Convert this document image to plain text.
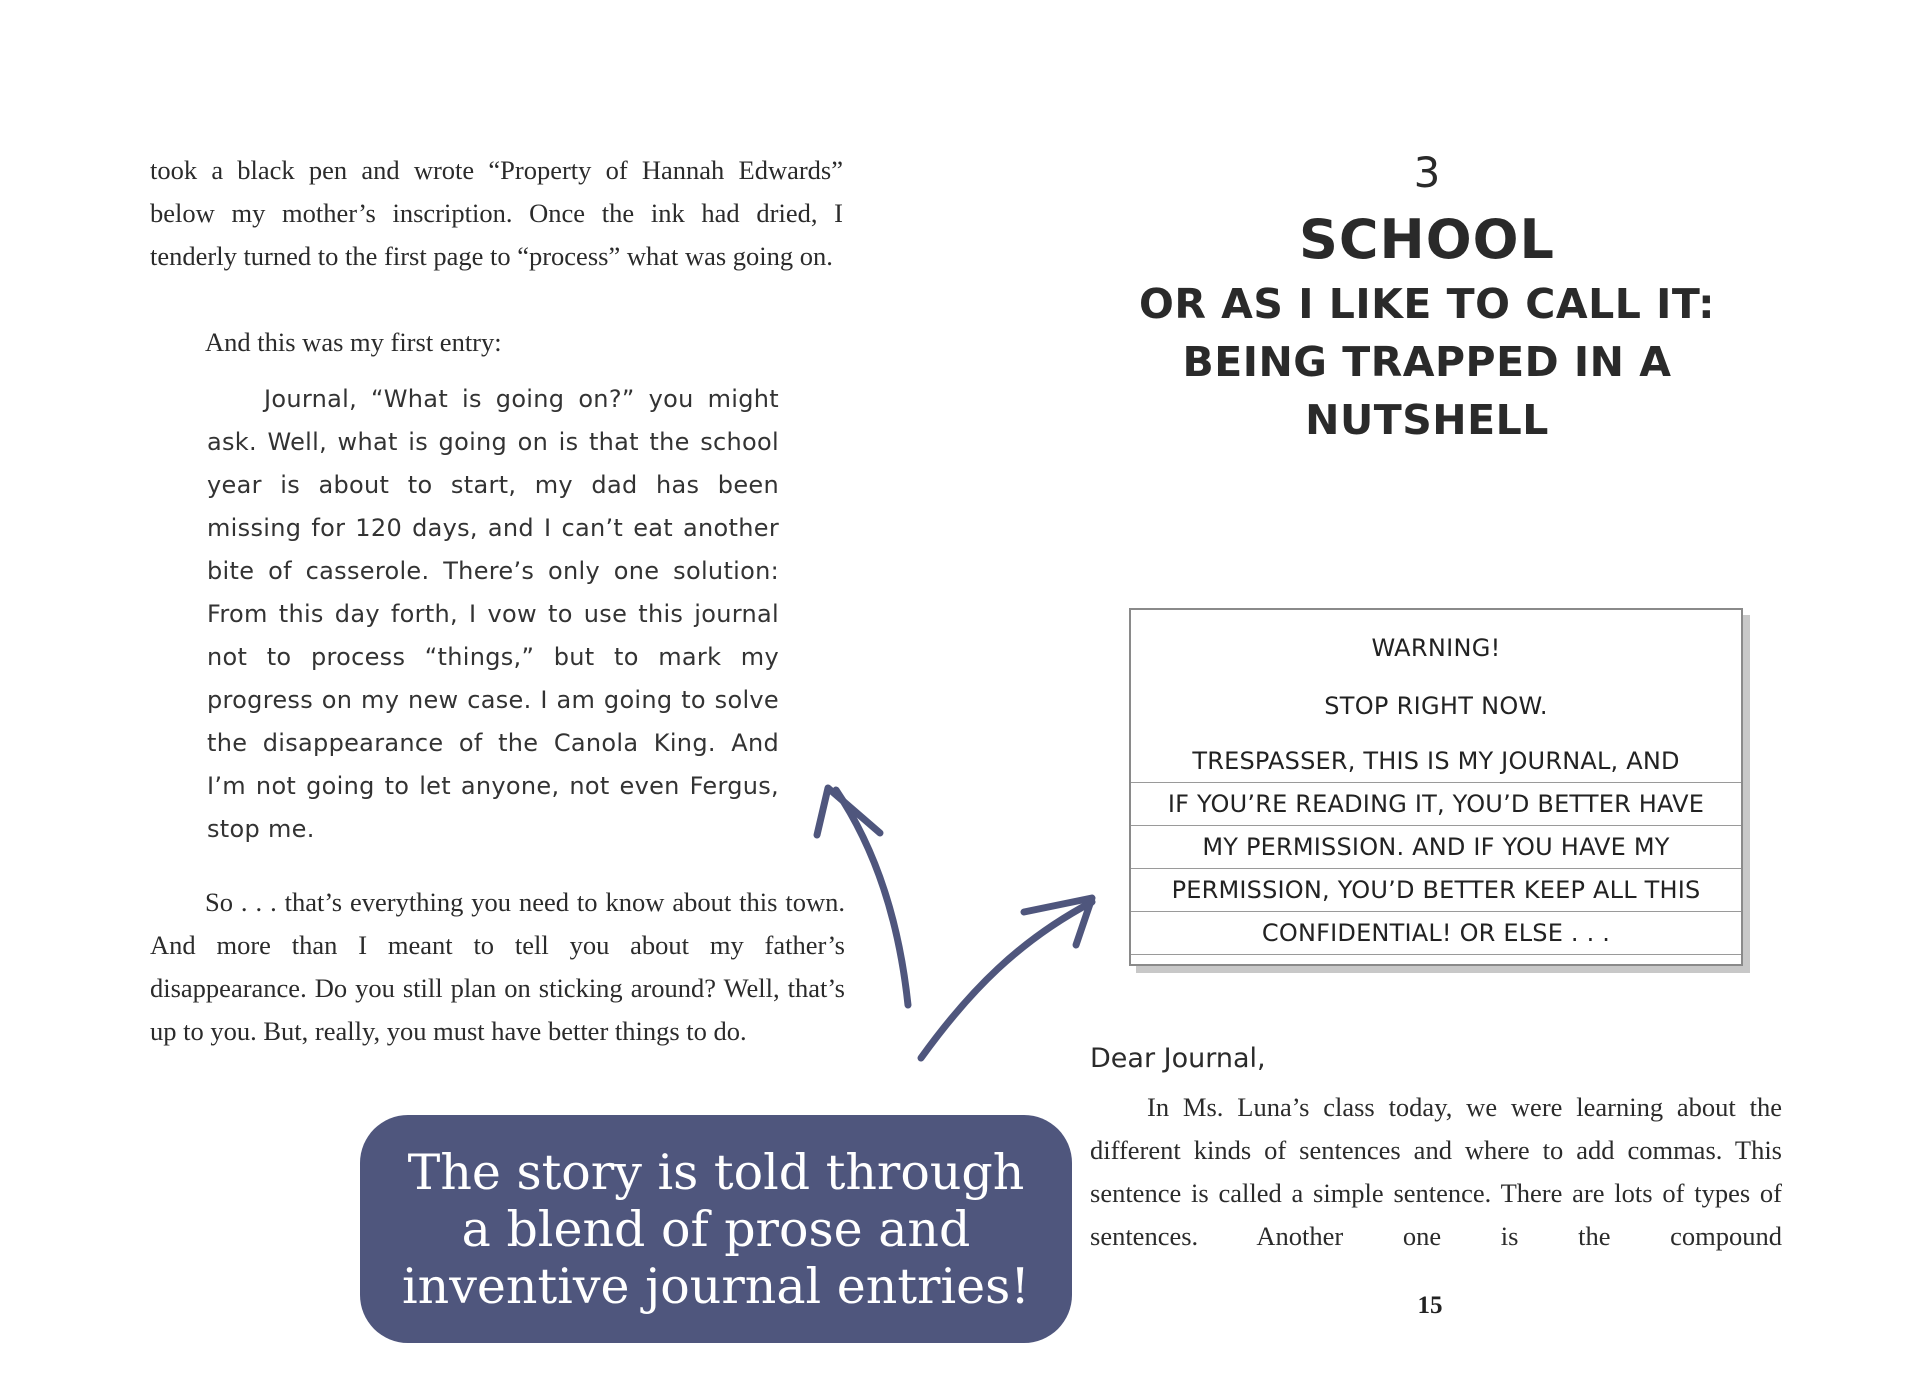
took a black pen and wrote “Property of Hannah Edwards” below my mother’s inscription. Once the ink had dried, I tenderly turned to the first page to “process” what was going on.

And this was my first entry:

Journal, “What is going on?” you might ask. Well, what is going on is that the school year is about to start, my dad has been missing for 120 days, and I can’t eat another bite of casserole. There’s only one solution: From this day forth, I vow to use this journal not to process “things,” but to mark my progress on my new case. I am going to solve the disappearance of the Canola King. And I’m not going to let anyone, not even Fergus, stop me.

So . . . that’s everything you need to know about this town. And more than I meant to tell you about my father’s disappearance. Do you still plan on sticking around? Well, that’s up to you. But, really, you must have better things to do.

3
SCHOOL
OR AS I LIKE TO CALL IT: BEING TRAPPED IN A NUTSHELL
WARNING!
STOP RIGHT NOW.
TRESPASSER, THIS IS MY JOURNAL, AND
IF YOU’RE READING IT, YOU’D BETTER HAVE
MY PERMISSION. AND IF YOU HAVE MY
PERMISSION, YOU’D BETTER KEEP ALL THIS
CONFIDENTIAL! OR ELSE . . .

Dear Journal,

In Ms. Luna’s class today, we were learning about the different kinds of sentences and where to add commas. This sentence is called a simple sentence. There are lots of types of sentences. Another one is the compound

15

The story is told through a blend of prose and inventive journal entries!
